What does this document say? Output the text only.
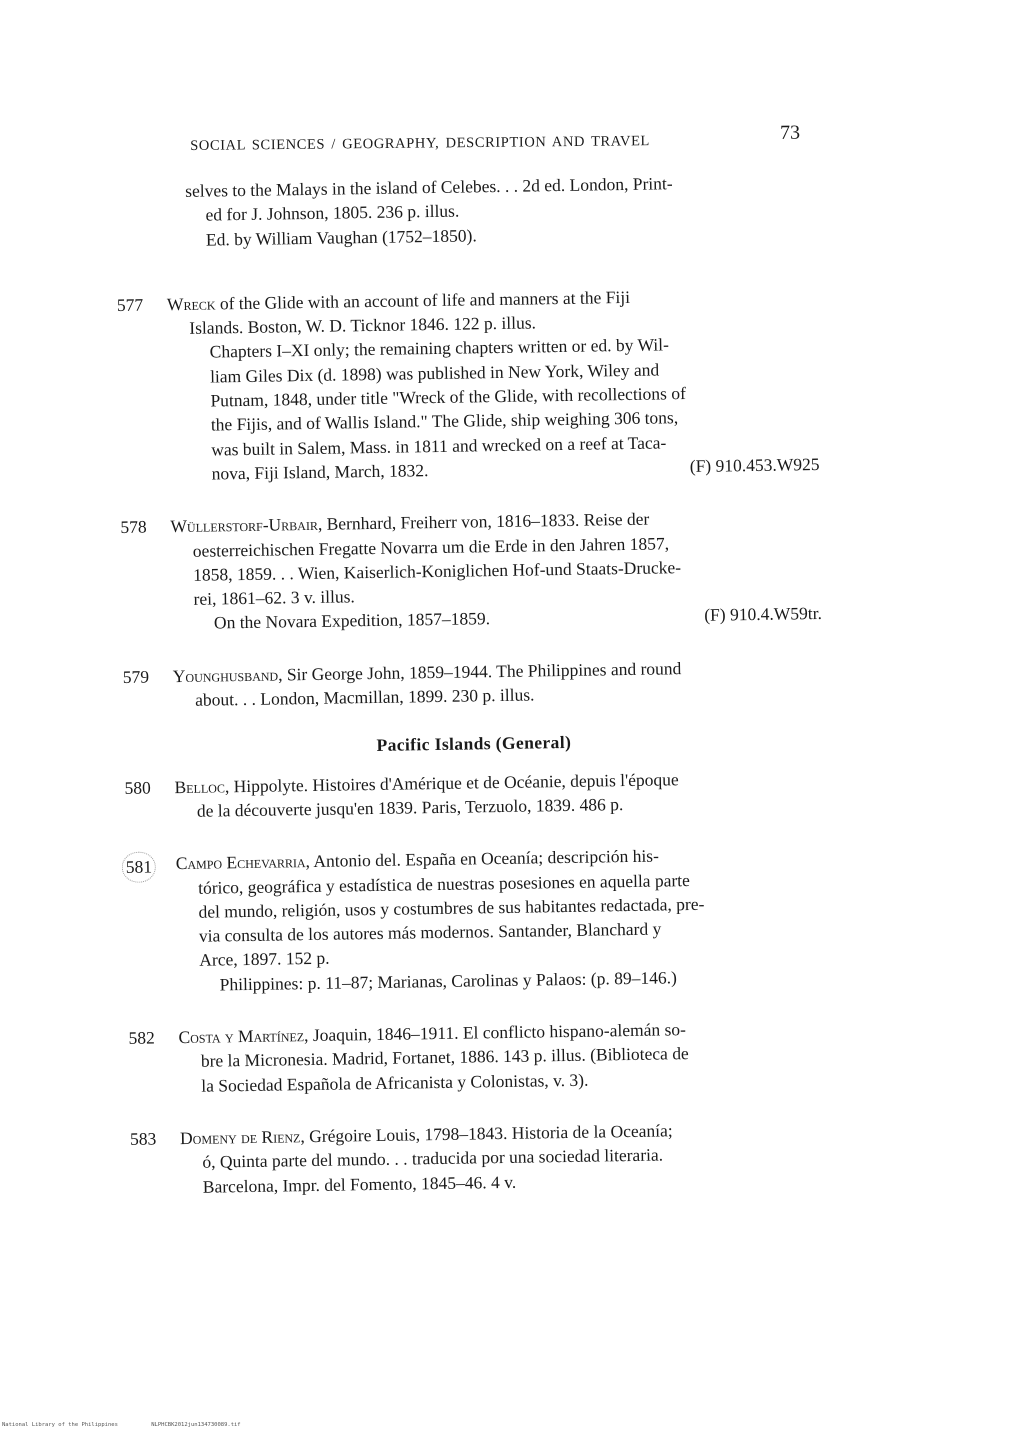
SOCIAL SCIENCES / GEOGRAPHY, DESCRIPTION AND TRAVEL	73
selves to the Malays in the island of Celebes. . . 2d ed. London, Print-
ed for J. Johnson, 1805. 236 p. illus.
Ed. by William Vaughan (1752–1850).
577 Wreck of the Glide with an account of life and manners at the Fiji
Islands. Boston, W. D. Ticknor 1846. 122 p. illus.
Chapters I–XI only; the remaining chapters written or ed. by Wil-
liam Giles Dix (d. 1898) was published in New York, Wiley and
Putnam, 1848, under title "Wreck of the Glide, with recollections of
the Fijis, and of Wallis Island." The Glide, ship weighing 306 tons,
was built in Salem, Mass. in 1811 and wrecked on a reef at Taca-
nova, Fiji Island, March, 1832.	(F) 910.453.W925
578 Wüllerstorf-Urbair, Bernhard, Freiherr von, 1816–1833. Reise der
oesterreichischen Fregatte Novarra um die Erde in den Jahren 1857,
1858, 1859. . . Wien, Kaiserlich-Koniglichen Hof-und Staats-Drucke-
rei, 1861–62. 3 v. illus.
On the Novara Expedition, 1857–1859.	(F) 910.4.W59tr.
579 Younghusband, Sir George John, 1859–1944. The Philippines and round
about. . . London, Macmillan, 1899. 230 p. illus.
Pacific Islands (General)
580 Belloc, Hippolyte. Histoires d'Amérique et de Océanie, depuis l'époque
de la découverte jusqu'en 1839. Paris, Terzuolo, 1839. 486 p.
581 Campo Echevarria, Antonio del. España en Oceanía; descripción his-
tórico, geográfica y estadística de nuestras posesiones en aquella parte
del mundo, religión, usos y costumbres de sus habitantes redactada, pre-
via consulta de los autores más modernos. Santander, Blanchard y
Arce, 1897. 152 p.
Philippines: p. 11–87; Marianas, Carolinas y Palaos: (p. 89–146.)
582 Costa y Martínez, Joaquin, 1846–1911. El conflicto hispano-alemán so-
bre la Micronesia. Madrid, Fortanet, 1886. 143 p. illus. (Biblioteca de
la Sociedad Española de Africanista y Colonistas, v. 3).
583 Domeny de Rienz, Grégoire Louis, 1798–1843. Historia de la Oceanía;
ó, Quinta parte del mundo. . . traducida por una sociedad literaria.
Barcelona, Impr. del Fomento, 1845–46. 4 v.
National Library of the Philippines	NLPHCBK2012jun134730089.tif
